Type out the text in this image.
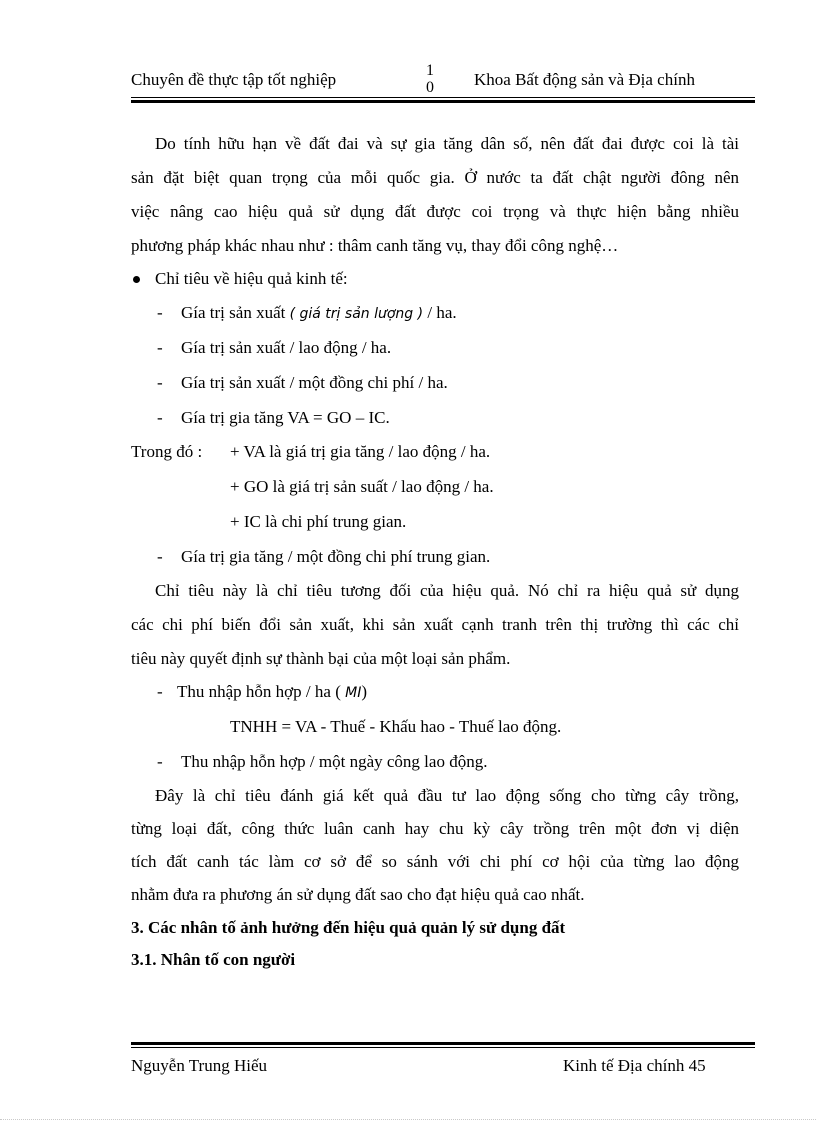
Chuyên đề thực tập tốt nghiệp	1
0 Khoa Bất động sản và Địa chính
Do tính hữu hạn về đất đai và sự gia tăng dân số, nên đất đai được coi là tài
sản đặt biệt quan trọng của mỗi quốc gia. Ở nước ta đất chật người đông nên
việc nâng cao hiệu quả sử dụng đất được coi trọng và thực hiện bằng nhiều
phương pháp khác nhau như : thâm canh tăng vụ, thay đổi công nghệ…
Chỉ tiêu về hiệu quả kinh tế:
- Gía trị sản xuất ( giá trị sản lượng ) / ha.
- Gía trị sản xuất / lao động / ha.
- Gía trị sản xuất / một đồng chi phí / ha.
- Gía trị gia tăng VA = GO – IC.
Trong đó : + VA là giá trị gia tăng / lao động / ha.
+ GO là giá trị sản suất / lao động / ha.
+ IC là chi phí trung gian.
- Gía trị gia tăng / một đồng chi phí trung gian.
Chỉ tiêu này là chỉ tiêu tương đối của hiệu quả. Nó chỉ ra hiệu quả sử dụng
các chi phí biến đổi sản xuất, khi sản xuất cạnh tranh trên thị trường thì các chỉ
tiêu này quyết định sự thành bại của một loại sản phẩm.
- Thu nhập hỗn hợp / ha ( MI)
TNHH = VA - Thuế - Khấu hao - Thuế lao động.
- Thu nhập hỗn hợp / một ngày công lao động.
Đây là chỉ tiêu đánh giá kết quả đầu tư lao động sống cho từng cây trồng,
từng loại đất, công thức luân canh hay chu kỳ cây trồng trên một đơn vị diện
tích đất canh tác làm cơ sở để so sánh với chi phí cơ hội của từng lao động
nhằm đưa ra phương án sử dụng đất sao cho đạt hiệu quả cao nhất.
3. Các nhân tố ảnh hưởng đến hiệu quả quản lý sử dụng đất
3.1. Nhân tố con người
Nguyễn Trung Hiếu	Kinh tế Địa chính 45
